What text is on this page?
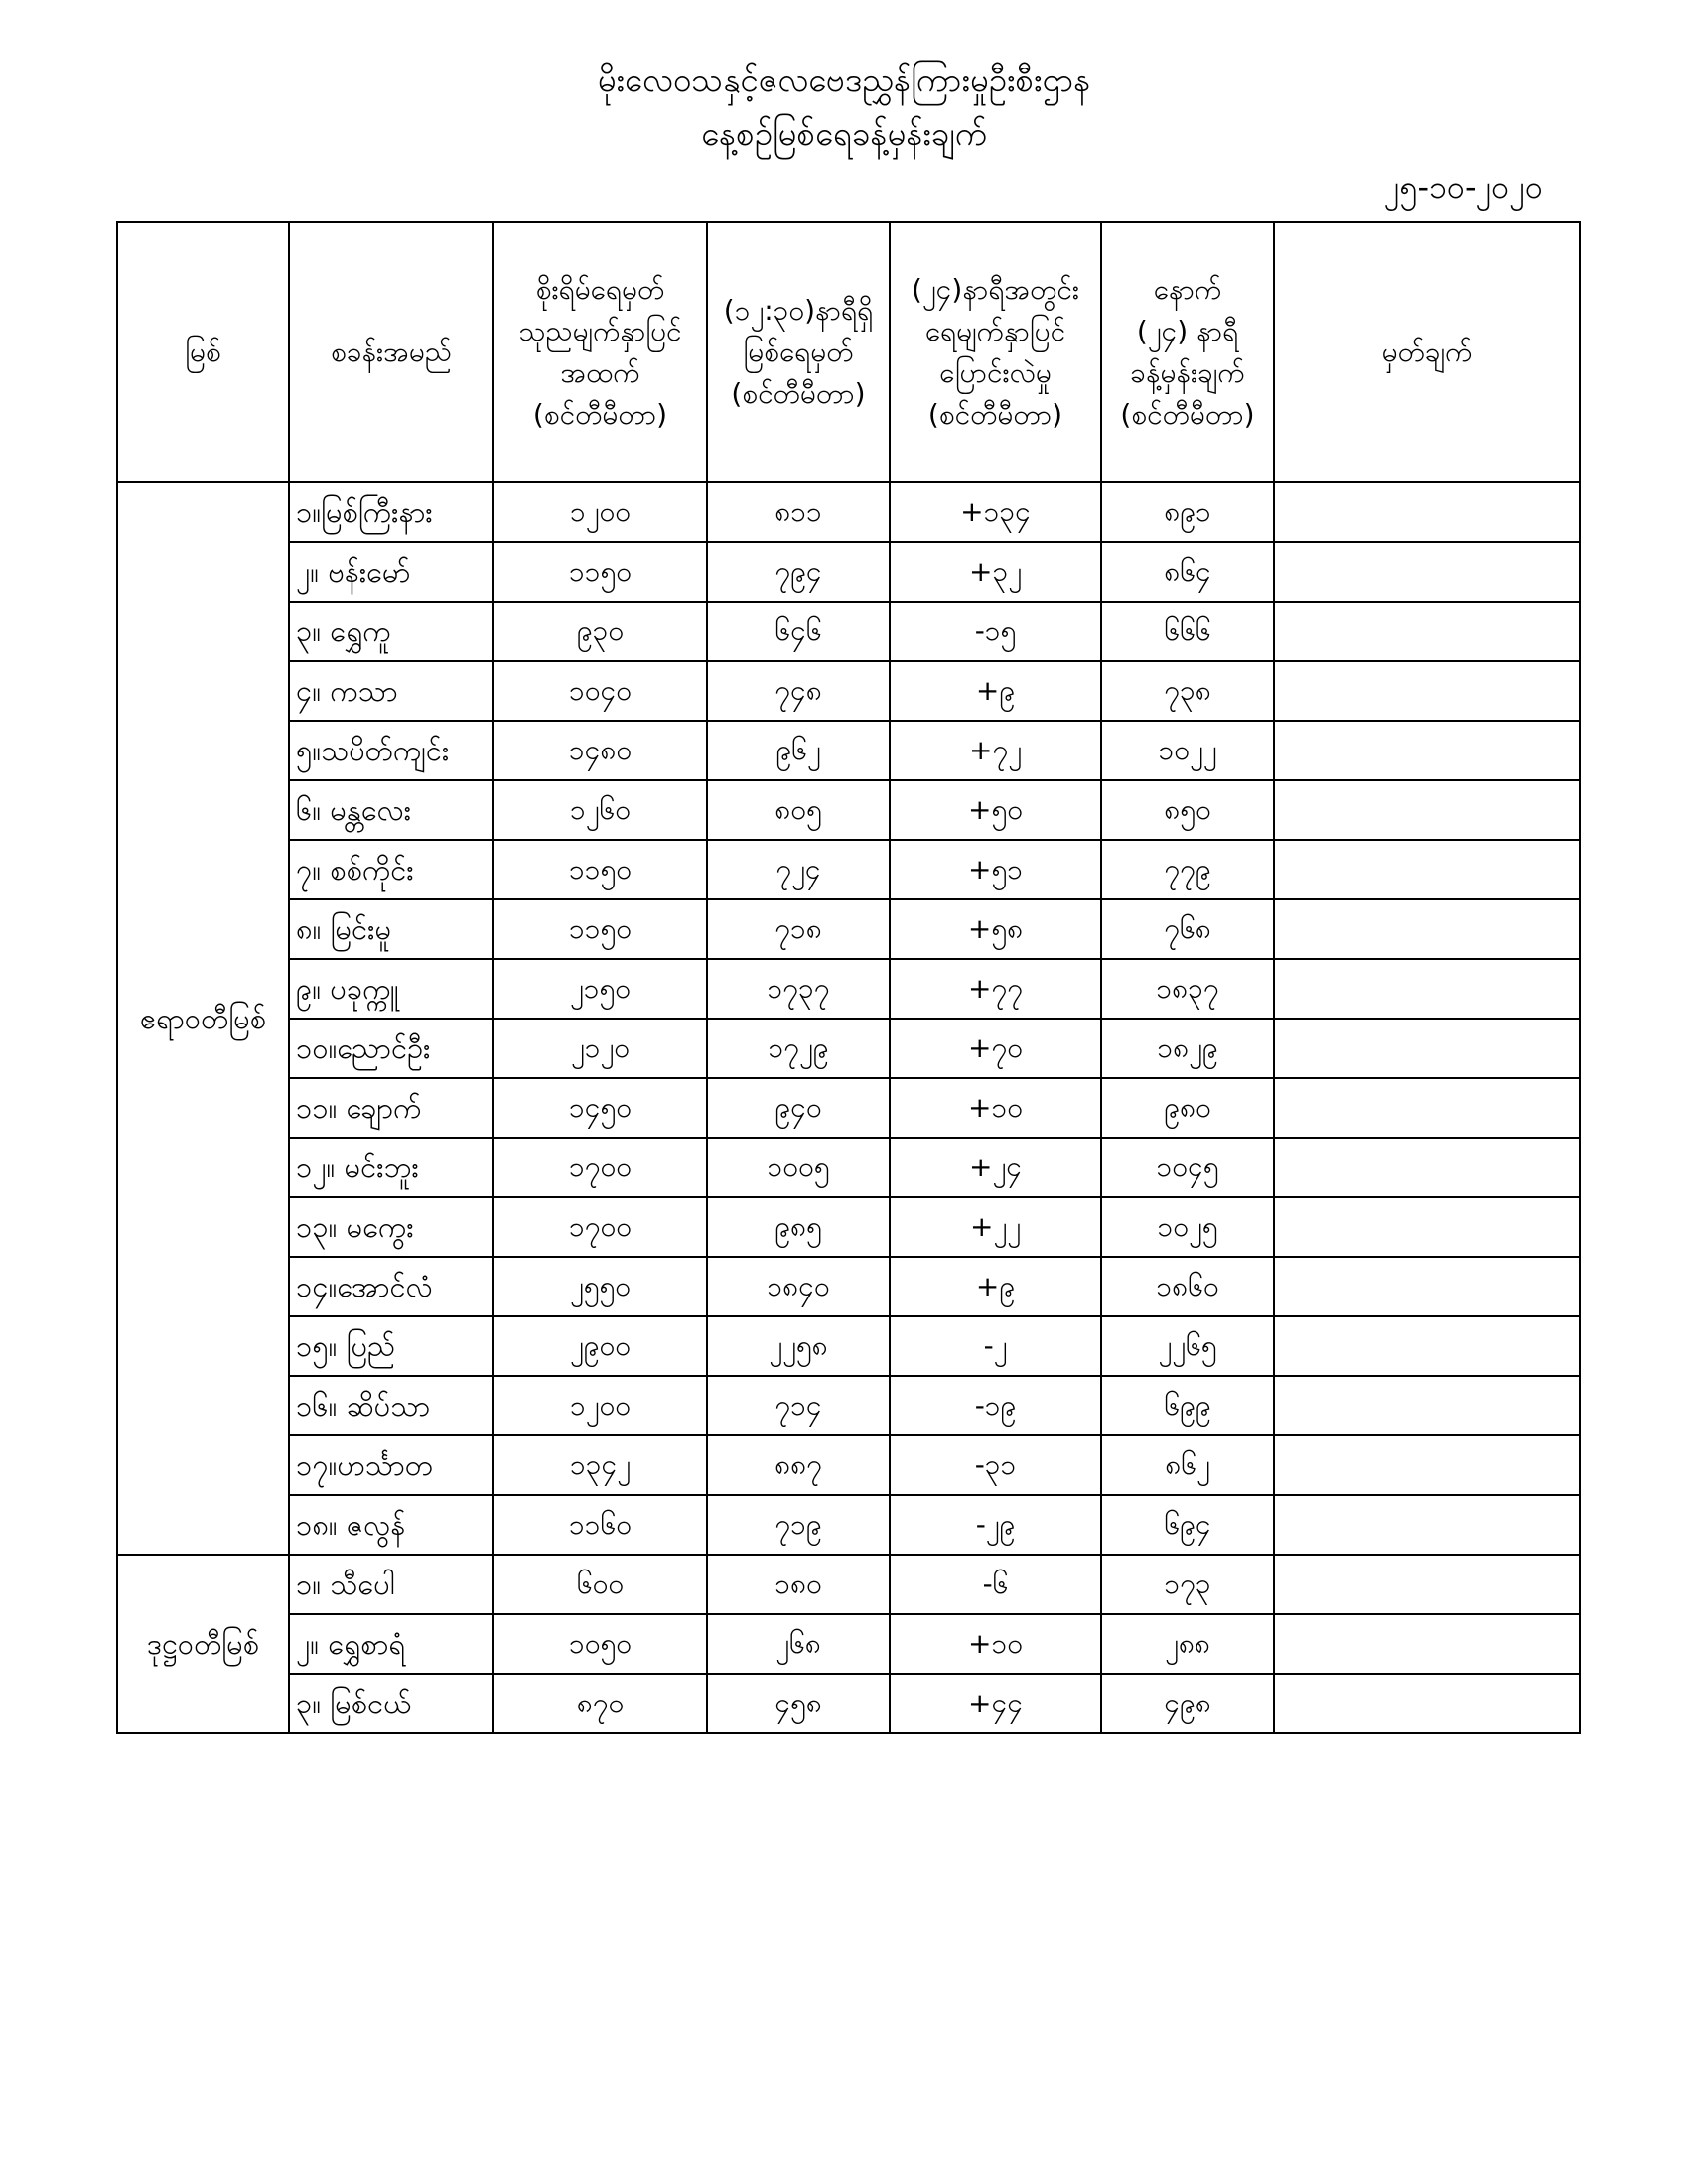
မိုးလေဝသနှင့်ဇလဗေဒညွှန်ကြားမှုဦးစီးဌာန
နေ့စဉ်မြစ်ရေခန့်မှန်းချက်
၂၅-၁၀-၂၀၂၀
မြစ်	စခန်းအမည်	စိုးရိမ်ရေမှတ်
သုညမျက်နှာပြင်
အထက်
(စင်တီမီတာ)	(၁၂:၃၀)နာရီရှိ
မြစ်ရေမှတ်
(စင်တီမီတာ)	(၂၄)နာရီအတွင်း
ရေမျက်နှာပြင်
ပြောင်းလဲမှု
(စင်တီမီတာ)	နောက်
(၂၄) နာရီ
ခန့်မှန်းချက်
(စင်တီမီတာ)	မှတ်ချက်

ဧရာဝတီမြစ်	၁။မြစ်ကြီးနား	၁၂၀၀	၈၁၁	+၁၃၄	၈၉၁	
	၂။ ဗန်းမော်	၁၁၅၀	၇၉၄	+၃၂	၈၆၄	
	၃။ ရွှေကူ	၉၃၀	၆၄၆	-၁၅	၆၆၆	
	၄။ ကသာ	၁၀၄၀	၇၄၈	+၉	၇၃၈	
	၅။သပိတ်ကျင်း	၁၄၈၀	၉၆၂	+၇၂	၁၀၂၂	
	၆။ မန္တလေး	၁၂၆၀	၈၀၅	+၅၀	၈၅၀	
	၇။ စစ်ကိုင်း	၁၁၅၀	၇၂၄	+၅၁	၇၇၉	
	၈။ မြင်းမူ	၁၁၅၀	၇၁၈	+၅၈	၇၆၈	
	၉။ ပခုက္ကူ	၂၁၅၀	၁၇၃၇	+၇၇	၁၈၃၇	
	၁၀။ညောင်ဦး	၂၁၂၀	၁၇၂၉	+၇၀	၁၈၂၉	
	၁၁။ ချောက်	၁၄၅၀	၉၄၀	+၁၀	၉၈၀	
	၁၂။ မင်းဘူး	၁၇၀၀	၁၀၀၅	+၂၄	၁၀၄၅	
	၁၃။ မကွေး	၁၇၀၀	၉၈၅	+၂၂	၁၀၂၅	
	၁၄။အောင်လံ	၂၅၅၀	၁၈၄၀	+၉	၁၈၆၀	
	၁၅။ ပြည်	၂၉၀၀	၂၂၅၈	-၂	၂၂၆၅	
	၁၆။ ဆိပ်သာ	၁၂၀၀	၇၁၄	-၁၉	၆၉၉	
	၁၇။ဟင်္သာတ	၁၃၄၂	၈၈၇	-၃၁	၈၆၂	
	၁၈။ ဇလွန်	၁၁၆၀	၇၁၉	-၂၉	၆၉၄	
ဒုဋ္ဌဝတီမြစ်	၁။ သီပေါ	၆၀၀	၁၈၀	-၆	၁၇၃	
	၂။ ရွှေစာရံ	၁၀၅၀	၂၆၈	+၁၀	၂၈၈	
	၃။ မြစ်ငယ်	၈၇၀	၄၅၈	+၄၄	၄၉၈	
